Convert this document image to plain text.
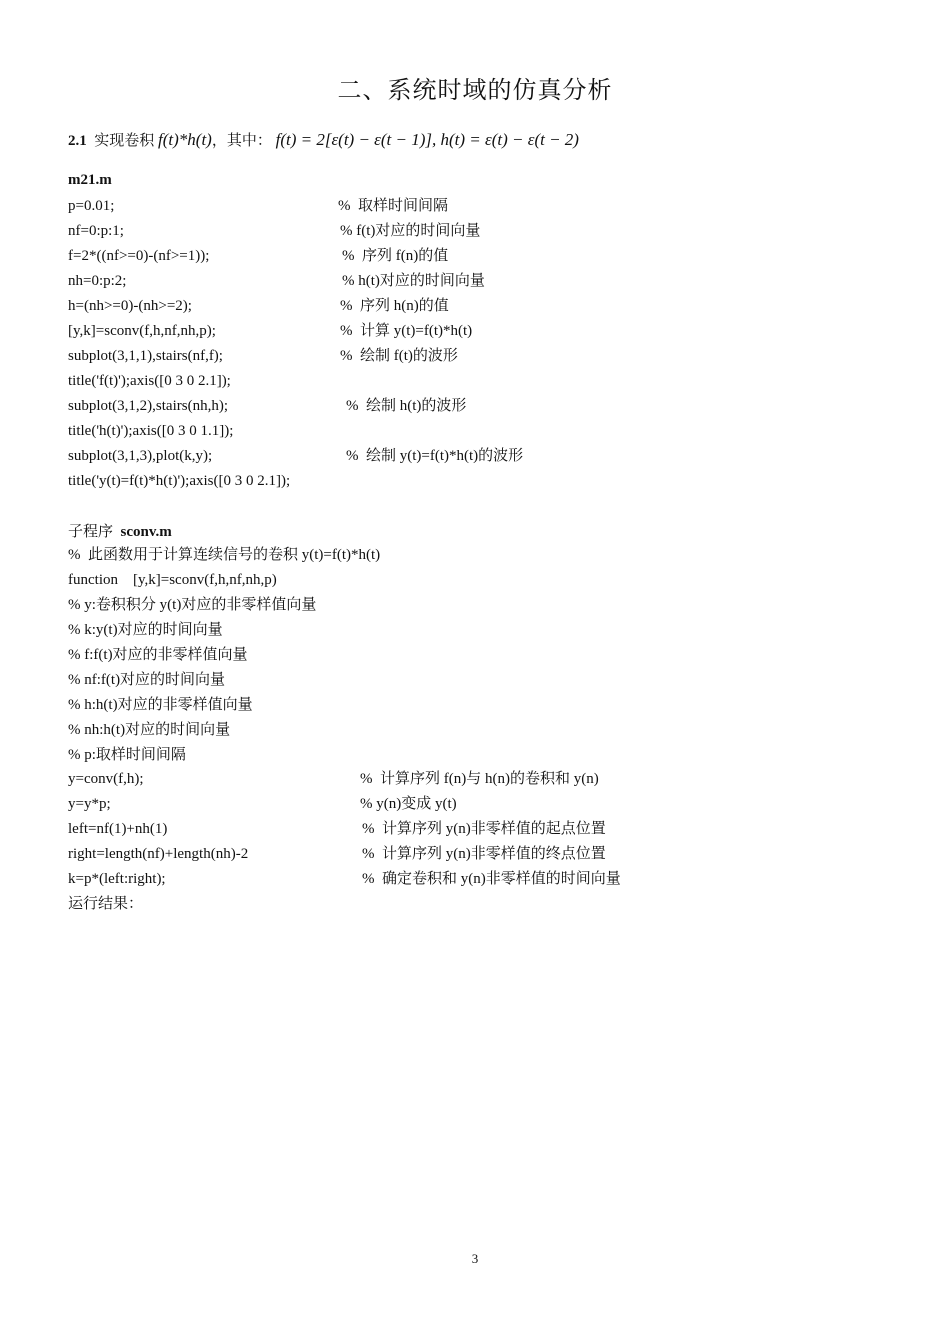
二、系统时域的仿真分析
2.1 实现卷积 f(t)*h(t)，其中： f(t) = 2[ε(t) − ε(t − 1)], h(t) = ε(t) − ε(t − 2)
m21.m
p=0.01;	%  取样时间间隔
nf=0:p:1;	% f(t)对应的时间向量
f=2*((nf>=0)-(nf>=1));	%  序列 f(n)的值
nh=0:p:2;	% h(t)对应的时间向量
h=(nh>=0)-(nh>=2);	%  序列 h(n)的值
[y,k]=sconv(f,h,nf,nh,p);	%  计算 y(t)=f(t)*h(t)
subplot(3,1,1),stairs(nf,f);	%  绘制 f(t)的波形
title('f(t)');axis([0 3 0 2.1]);
subplot(3,1,2),stairs(nh,h);	%  绘制 h(t)的波形
title('h(t)');axis([0 3 0 1.1]);
subplot(3,1,3),plot(k,y);	%  绘制 y(t)=f(t)*h(t)的波形
title('y(t)=f(t)*h(t)');axis([0 3 0 2.1]);
子程序 sconv.m
%  此函数用于计算连续信号的卷积 y(t)=f(t)*h(t)
function    [y,k]=sconv(f,h,nf,nh,p)
% y:卷积积分 y(t)对应的非零样值向量
% k:y(t)对应的时间向量
% f:f(t)对应的非零样值向量
% nf:f(t)对应的时间向量
% h:h(t)对应的非零样值向量
% nh:h(t)对应的时间向量
% p:取样时间间隔
y=conv(f,h);	%  计算序列 f(n)与 h(n)的卷积和 y(n)
y=y*p;	% y(n)变成 y(t)
left=nf(1)+nh(1)	%  计算序列 y(n)非零样值的起点位置
right=length(nf)+length(nh)-2	%  计算序列 y(n)非零样值的终点位置
k=p*(left:right);	%  确定卷积和 y(n)非零样值的时间向量
运行结果：
3
